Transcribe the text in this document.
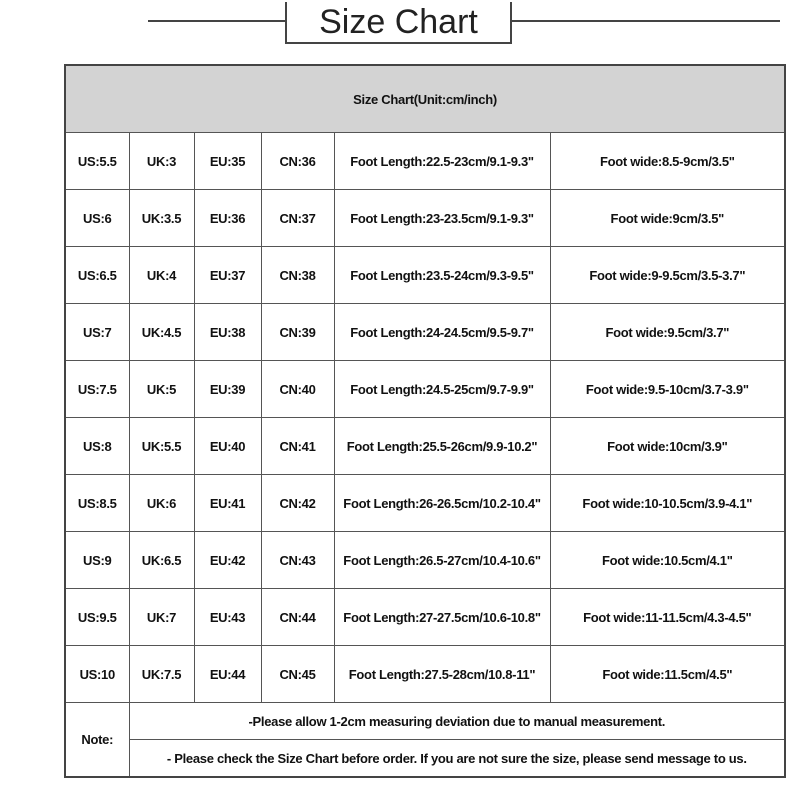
Size Chart
Size Chart(Unit:cm/inch)					
US:5.5	UK:3	EU:35	CN:36	Foot Length:22.5-23cm/9.1-9.3"	Foot wide:8.5-9cm/3.5"
US:6	UK:3.5	EU:36	CN:37	Foot Length:23-23.5cm/9.1-9.3"	Foot wide:9cm/3.5"
US:6.5	UK:4	EU:37	CN:38	Foot Length:23.5-24cm/9.3-9.5"	Foot wide:9-9.5cm/3.5-3.7"
US:7	UK:4.5	EU:38	CN:39	Foot Length:24-24.5cm/9.5-9.7"	Foot wide:9.5cm/3.7"
US:7.5	UK:5	EU:39	CN:40	Foot Length:24.5-25cm/9.7-9.9"	Foot wide:9.5-10cm/3.7-3.9"
US:8	UK:5.5	EU:40	CN:41	Foot Length:25.5-26cm/9.9-10.2"	Foot wide:10cm/3.9"
US:8.5	UK:6	EU:41	CN:42	Foot Length:26-26.5cm/10.2-10.4"	Foot wide:10-10.5cm/3.9-4.1"
US:9	UK:6.5	EU:42	CN:43	Foot Length:26.5-27cm/10.4-10.6"	Foot wide:10.5cm/4.1"
US:9.5	UK:7	EU:43	CN:44	Foot Length:27-27.5cm/10.6-10.8"	Foot wide:11-11.5cm/4.3-4.5"
US:10	UK:7.5	EU:44	CN:45	Foot Length:27.5-28cm/10.8-11"	Foot wide:11.5cm/4.5"
Note:	-Please allow 1-2cm measuring deviation due to manual measurement.				
	- Please check the Size Chart before order. If you are not sure the size, please send message to us.				
